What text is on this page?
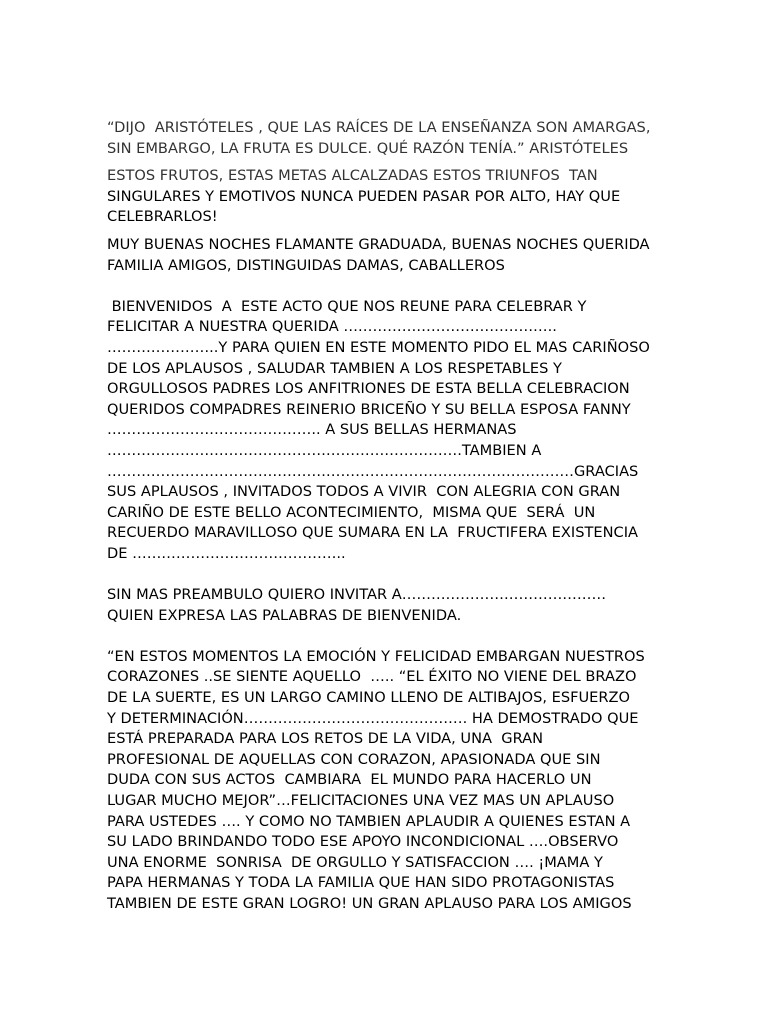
“DIJO  ARISTÓTELES , QUE LAS RAÍCES DE LA ENSEÑANZA SON AMARGAS,
SIN EMBARGO, LA FRUTA ES DULCE. QUÉ RAZÓN TENÍA.” ARISTÓTELES
ESTOS FRUTOS, ESTAS METAS ALCALZADAS ESTOS TRIUNFOS  TAN
SINGULARES Y EMOTIVOS NUNCA PUEDEN PASAR POR ALTO, HAY QUE
CELEBRARLOS!
MUY BUENAS NOCHES FLAMANTE GRADUADA, BUENAS NOCHES QUERIDA
FAMILIA AMIGOS, DISTINGUIDAS DAMAS, CABALLEROS
BIENVENIDOS  A  ESTE ACTO QUE NOS REUNE PARA CELEBRAR Y
FELICITAR A NUESTRA QUERIDA ……………………………………..
…………………..Y PARA QUIEN EN ESTE MOMENTO PIDO EL MAS CARIÑOSO
DE LOS APLAUSOS , SALUDAR TAMBIEN A LOS RESPETABLES Y
ORGULLOSOS PADRES LOS ANFITRIONES DE ESTA BELLA CELEBRACION
QUERIDOS COMPADRES REINERIO BRICEÑO Y SU BELLA ESPOSA FANNY
…………………………………….. A SUS BELLAS HERMANAS
……………………………………………………………….TAMBIEN A
……………………………………………………………………………………GRACIAS
SUS APLAUSOS , INVITADOS TODOS A VIVIR  CON ALEGRIA CON GRAN
CARIÑO DE ESTE BELLO ACONTECIMIENTO,  MISMA QUE  SERÁ  UN
RECUERDO MARAVILLOSO QUE SUMARA EN LA  FRUCTIFERA EXISTENCIA
DE ……………………………………..
SIN MAS PREAMBULO QUIERO INVITAR A……………………………………
QUIEN EXPRESA LAS PALABRAS DE BIENVENIDA.
“EN ESTOS MOMENTOS LA EMOCIÓN Y FELICIDAD EMBARGAN NUESTROS
CORAZONES ..SE SIENTE AQUELLO  ….. “EL ÉXITO NO VIENE DEL BRAZO
DE LA SUERTE, ES UN LARGO CAMINO LLENO DE ALTIBAJOS, ESFUERZO
Y DETERMINACIÓN………………………………………. HA DEMOSTRADO QUE
ESTÁ PREPARADA PARA LOS RETOS DE LA VIDA, UNA  GRAN
PROFESIONAL DE AQUELLAS CON CORAZON, APASIONADA QUE SIN
DUDA CON SUS ACTOS  CAMBIARA  EL MUNDO PARA HACERLO UN
LUGAR MUCHO MEJOR”…FELICITACIONES UNA VEZ MAS UN APLAUSO
PARA USTEDES …. Y COMO NO TAMBIEN APLAUDIR A QUIENES ESTAN A
SU LADO BRINDANDO TODO ESE APOYO INCONDICIONAL ….OBSERVO
UNA ENORME  SONRISA  DE ORGULLO Y SATISFACCION …. ¡MAMA Y
PAPA HERMANAS Y TODA LA FAMILIA QUE HAN SIDO PROTAGONISTAS
TAMBIEN DE ESTE GRAN LOGRO! UN GRAN APLAUSO PARA LOS AMIGOS
